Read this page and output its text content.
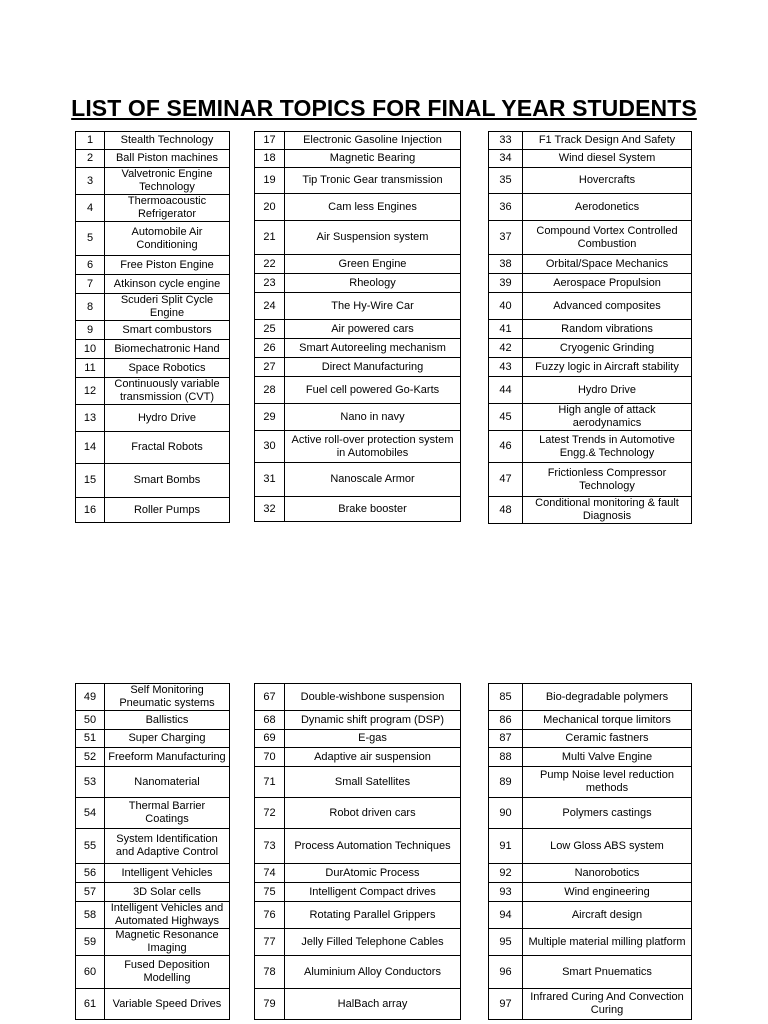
LIST OF SEMINAR TOPICS FOR FINAL YEAR STUDENTS
1	Stealth Technology
2	Ball Piston machines
3	Valvetronic Engine Technology
4	Thermoacoustic Refrigerator
5	Automobile Air Conditioning
6	Free Piston Engine
7	Atkinson cycle engine
8	Scuderi Split Cycle Engine
9	Smart combustors
10	Biomechatronic Hand
11	Space Robotics
12	Continuously variable transmission (CVT)
13	Hydro Drive
14	Fractal Robots
15	Smart Bombs
16	Roller Pumps
17	Electronic Gasoline Injection
18	Magnetic Bearing
19	Tip Tronic Gear transmission
20	Cam less Engines
21	Air Suspension system
22	Green Engine
23	Rheology
24	The Hy-Wire Car
25	Air powered cars
26	Smart Autoreeling mechanism
27	Direct Manufacturing
28	Fuel cell powered Go-Karts
29	Nano in navy
30	Active roll-over protection system in Automobiles
31	Nanoscale Armor
32	Brake booster
33	F1 Track Design And Safety
34	Wind diesel System
35	Hovercrafts
36	Aerodonetics
37	Compound Vortex Controlled Combustion
38	Orbital/Space Mechanics
39	Aerospace Propulsion
40	Advanced composites
41	Random vibrations
42	Cryogenic Grinding
43	Fuzzy logic in Aircraft stability
44	Hydro Drive
45	High angle of attack aerodynamics
46	Latest Trends in Automotive Engg.& Technology
47	Frictionless Compressor Technology
48	Conditional monitoring & fault Diagnosis
49	Self Monitoring Pneumatic systems
50	Ballistics
51	Super Charging
52	Freeform Manufacturing
53	Nanomaterial
54	Thermal Barrier Coatings
55	System Identification and Adaptive Control
56	Intelligent Vehicles
57	3D Solar cells
58	Intelligent Vehicles and Automated Highways
59	Magnetic Resonance Imaging
60	Fused Deposition Modelling
61	Variable Speed Drives
67	Double-wishbone suspension
68	Dynamic shift program (DSP)
69	E-gas
70	Adaptive air suspension
71	Small Satellites
72	Robot driven cars
73	Process Automation Techniques
74	DurAtomic Process
75	Intelligent Compact drives
76	Rotating Parallel Grippers
77	Jelly Filled Telephone Cables
78	Aluminium Alloy Conductors
79	HalBach array
85	Bio-degradable polymers
86	Mechanical torque limitors
87	Ceramic fastners
88	Multi Valve Engine
89	Pump Noise level reduction methods
90	Polymers castings
91	Low Gloss ABS system
92	Nanorobotics
93	Wind engineering
94	Aircraft design
95	Multiple material milling platform
96	Smart Pnuematics
97	Infrared Curing And Convection Curing
